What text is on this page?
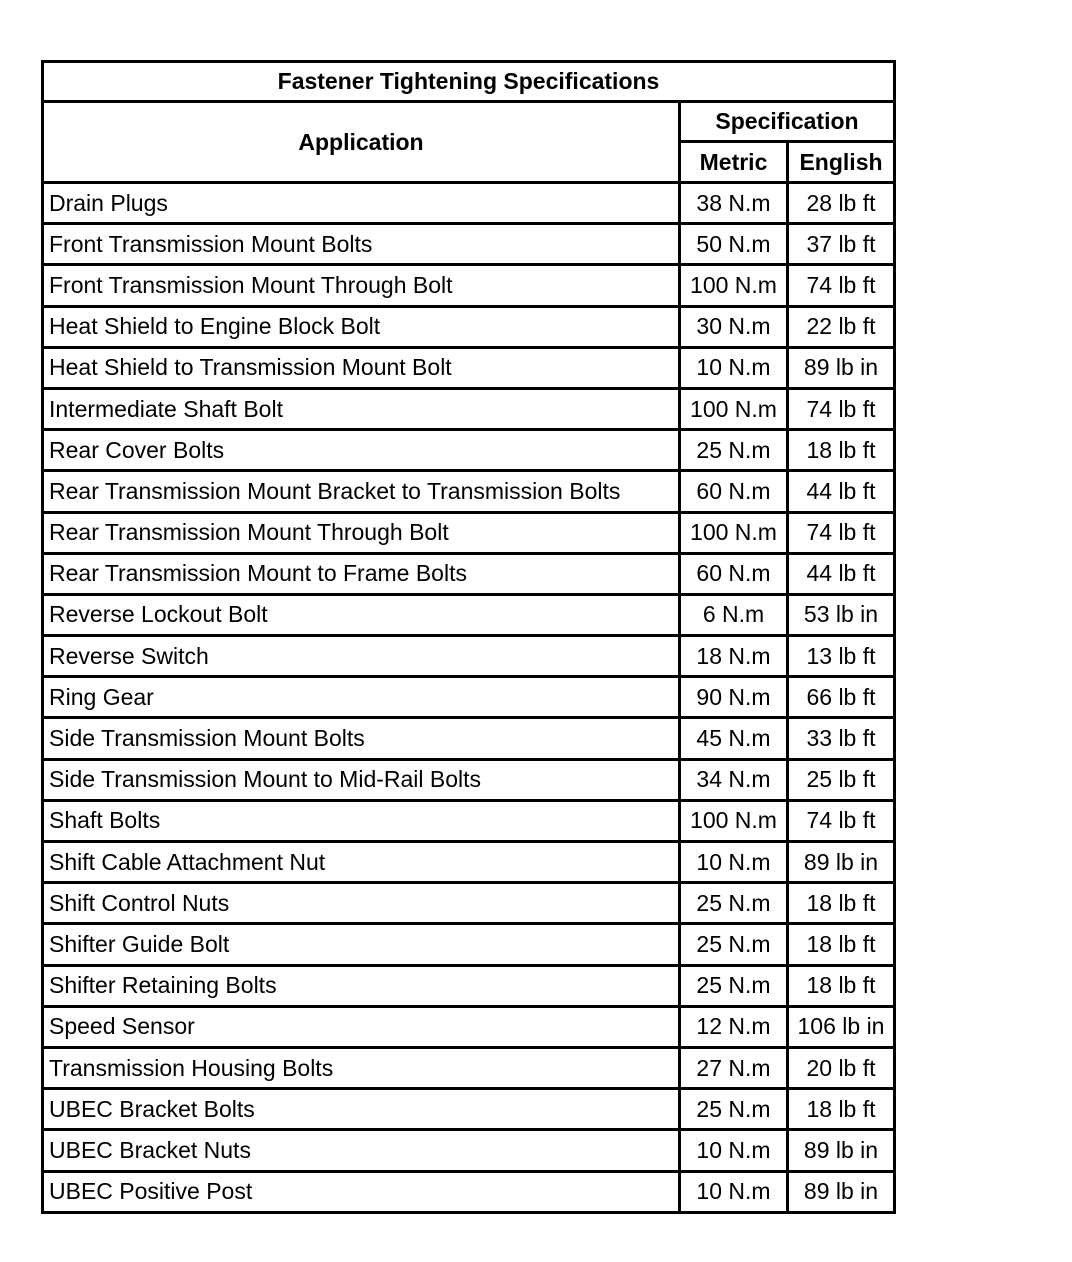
Fastener Tightening Specifications		
Application	Specification	
	Metric	English
Drain Plugs	38 N.m	28 lb ft
Front Transmission Mount Bolts	50 N.m	37 lb ft
Front Transmission Mount Through Bolt	100 N.m	74 lb ft
Heat Shield to Engine Block Bolt	30 N.m	22 lb ft
Heat Shield to Transmission Mount Bolt	10 N.m	89 lb in
Intermediate Shaft Bolt	100 N.m	74 lb ft
Rear Cover Bolts	25 N.m	18 lb ft
Rear Transmission Mount Bracket to Transmission Bolts	60 N.m	44 lb ft
Rear Transmission Mount Through Bolt	100 N.m	74 lb ft
Rear Transmission Mount to Frame Bolts	60 N.m	44 lb ft
Reverse Lockout Bolt	6 N.m	53 lb in
Reverse Switch	18 N.m	13 lb ft
Ring Gear	90 N.m	66 lb ft
Side Transmission Mount Bolts	45 N.m	33 lb ft
Side Transmission Mount to Mid-Rail Bolts	34 N.m	25 lb ft
Shaft Bolts	100 N.m	74 lb ft
Shift Cable Attachment Nut	10 N.m	89 lb in
Shift Control Nuts	25 N.m	18 lb ft
Shifter Guide Bolt	25 N.m	18 lb ft
Shifter Retaining Bolts	25 N.m	18 lb ft
Speed Sensor	12 N.m	106 lb in
Transmission Housing Bolts	27 N.m	20 lb ft
UBEC Bracket Bolts	25 N.m	18 lb ft
UBEC Bracket Nuts	10 N.m	89 lb in
UBEC Positive Post	10 N.m	89 lb in
